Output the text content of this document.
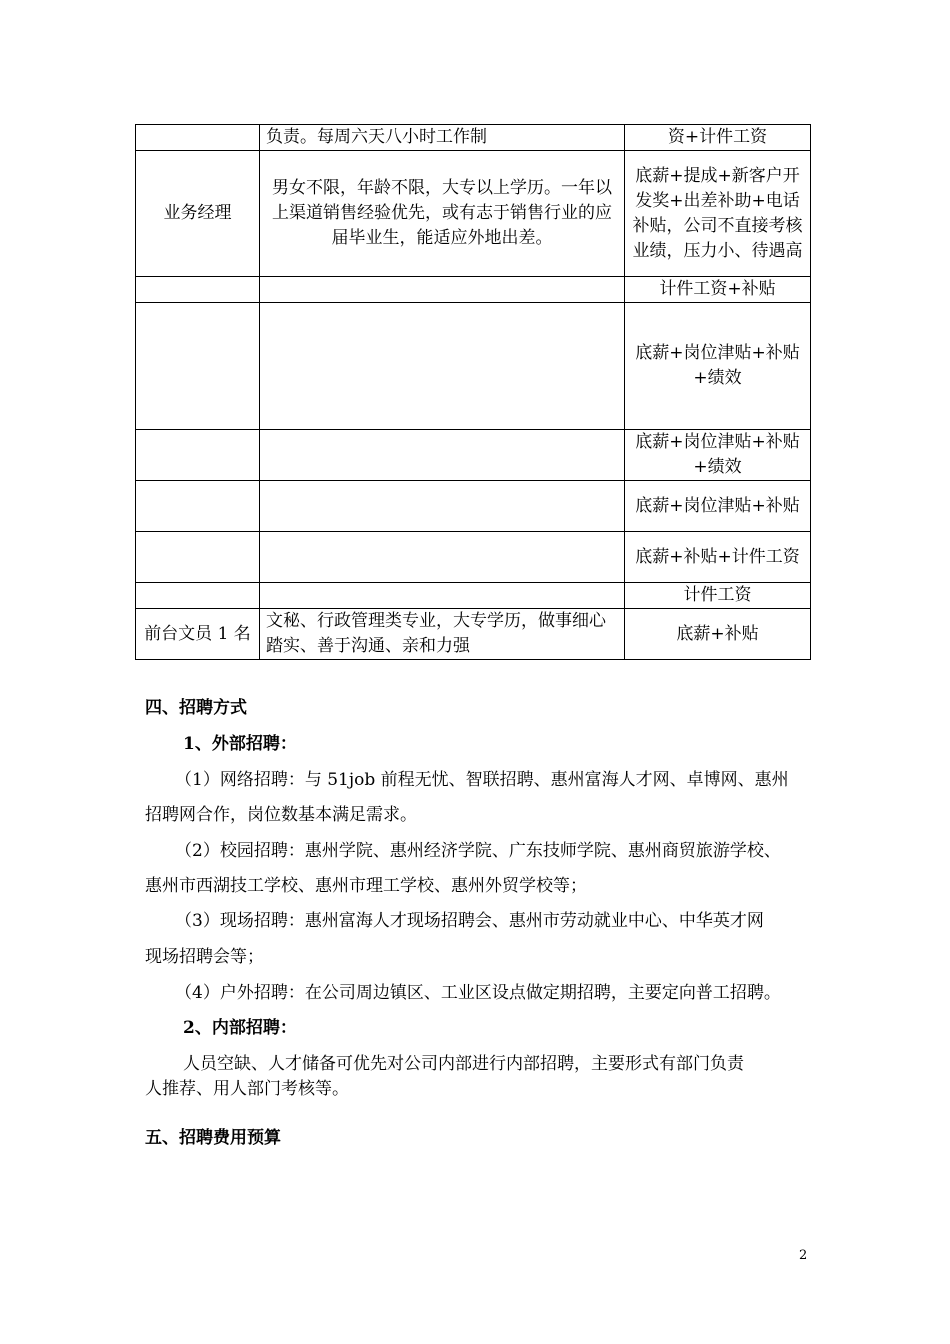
	负责。每周六天八小时工作制	资+计件工资
业务经理	男女不限，年龄不限，大专以上学历。一年以上渠道销售经验优先，或有志于销售行业的应届毕业生，能适应外地出差。	底薪+提成+新客户开发奖+出差补助+电话补贴，公司不直接考核业绩，压力小、待遇高
		计件工资+补贴
		底薪+岗位津贴+补贴+绩效
		底薪+岗位津贴+补贴+绩效
		底薪+岗位津贴+补贴
		底薪+补贴+计件工资
		计件工资
前台文员 1 名	文秘、行政管理类专业，大专学历，做事细心踏实、善于沟通、亲和力强	底薪+补贴
四、招聘方式
1、外部招聘：
（1）网络招聘：与 51job 前程无忧、智联招聘、惠州富海人才网、卓博网、惠州
招聘网合作，岗位数基本满足需求。
（2）校园招聘：惠州学院、惠州经济学院、广东技师学院、惠州商贸旅游学校、
惠州市西湖技工学校、惠州市理工学校、惠州外贸学校等；
（3）现场招聘：惠州富海人才现场招聘会、惠州市劳动就业中心、中华英才网
现场招聘会等；
（4）户外招聘：在公司周边镇区、工业区设点做定期招聘，主要定向普工招聘。
2、内部招聘：
人员空缺、人才储备可优先对公司内部进行内部招聘，主要形式有部门负责
人推荐、用人部门考核等。
五、招聘费用预算
2
